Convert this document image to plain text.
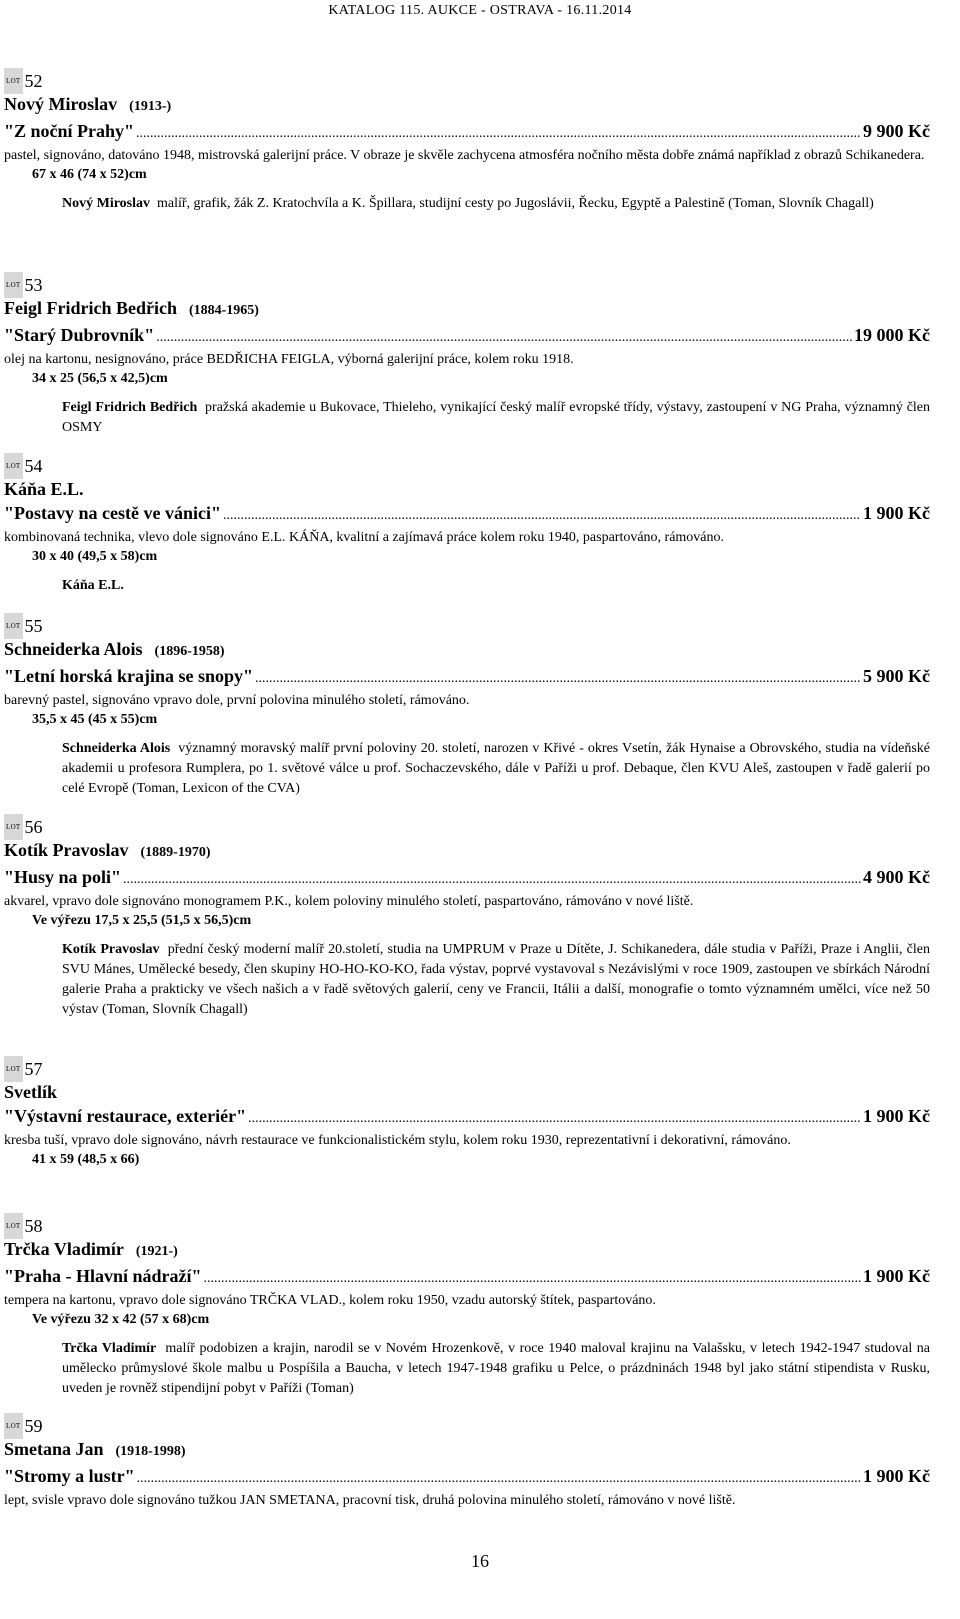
KATALOG 115. AUKCE - OSTRAVA - 16.11.2014
LOT 52
Nový Miroslav (1913-)
"Z noční Prahy" .....	9 900 Kč
pastel, signováno, datováno 1948, mistrovská galerijní práce. V obraze je skvěle zachycena atmosféra nočního města dobře známá například z obrazů Schikanedera.
67 x 46 (74 x 52)cm
Nový Miroslav malíř, grafik, žák Z. Kratochvíla a K. Špillara, studijní cesty po Jugoslávii, Řecku, Egyptě a Palestině (Toman, Slovník Chagall)
LOT 53
Feigl Fridrich Bedřich (1884-1965)
"Starý Dubrovník" .....	19 000 Kč
olej na kartonu, nesignováno, práce BEDŘICHA FEIGLA, výborná galerijní práce, kolem roku 1918.
34 x 25 (56,5 x 42,5)cm
Feigl Fridrich Bedřich pražská akademie u Bukovace, Thieleho, vynikající český malíř evropské třídy, výstavy, zastoupení v NG Praha, významný člen OSMY
LOT 54
Káňa E.L.
"Postavy na cestě ve vánici" .....	1 900 Kč
kombinovaná technika, vlevo dole signováno E.L. KÁŇA, kvalitní a zajímavá práce kolem roku 1940, paspartováno, rámováno.
30 x 40 (49,5 x 58)cm
Káňa E.L.
LOT 55
Schneiderka Alois (1896-1958)
"Letní horská krajina se snopy" .....	5 900 Kč
barevný pastel, signováno vpravo dole, první polovina minulého století, rámováno.
35,5 x 45 (45 x 55)cm
Schneiderka Alois významný moravský malíř první poloviny 20. století, narozen v Křivé - okres Vsetín, žák Hynaise a Obrovského, studia na vídeňské akademii u profesora Rumplera, po 1. světové válce u prof. Sochaczevského, dále v Paříži u prof. Debaque, člen KVU Aleš, zastoupen v řadě galerií po celé Evropě (Toman, Lexicon of the CVA)
LOT 56
Kotík Pravoslav (1889-1970)
"Husy na poli" .....	4 900 Kč
akvarel, vpravo dole signováno monogramem P.K., kolem poloviny minulého století, paspartováno, rámováno v nové liště.
Ve výřezu 17,5 x 25,5 (51,5 x 56,5)cm
Kotík Pravoslav přední český moderní malíř 20.století, studia na UMPRUM v Praze u Dítěte, J. Schikanedera, dále studia v Paříži, Praze i Anglii, člen SVU Mánes, Umělecké besedy, člen skupiny HO-HO-KO-KO, řada výstav, poprvé vystavoval s Nezávislými v roce 1909, zastoupen ve sbírkách Národní galerie Praha a prakticky ve všech našich a v řadě světových galerií, ceny ve Francii, Itálii a další, monografie o tomto významném umělci, více než 50 výstav (Toman, Slovník Chagall)
LOT 57
Svetlík
"Výstavní restaurace, exteriér" .....	1 900 Kč
kresba tuší, vpravo dole signováno, návrh restaurace ve funkcionalistickém stylu, kolem roku 1930, reprezentativní i dekorativní, rámováno.
41 x 59 (48,5 x 66)
LOT 58
Trčka Vladimír (1921-)
"Praha - Hlavní nádraží" .....	1 900 Kč
tempera na kartonu, vpravo dole signováno TRČKA VLAD., kolem roku 1950, vzadu autorský štítek, paspartováno.
Ve výřezu 32 x 42 (57 x 68)cm
Trčka Vladimír malíř podobizen a krajin, narodil se v Novém Hrozenkově, v roce 1940 maloval krajinu na Valašsku, v letech 1942-1947 studoval na umělecko průmyslové škole malbu u Pospíšila a Baucha, v letech 1947-1948 grafiku u Pelce, o prázdninách 1948 byl jako státní stipendista v Rusku, uveden je rovněž stipendijní pobyt v Paříži (Toman)
LOT 59
Smetana Jan (1918-1998)
"Stromy a lustr" .....	1 900 Kč
lept, svisle vpravo dole signováno tužkou JAN SMETANA, pracovní tisk, druhá polovina minulého století, rámováno v nové liště.
16
